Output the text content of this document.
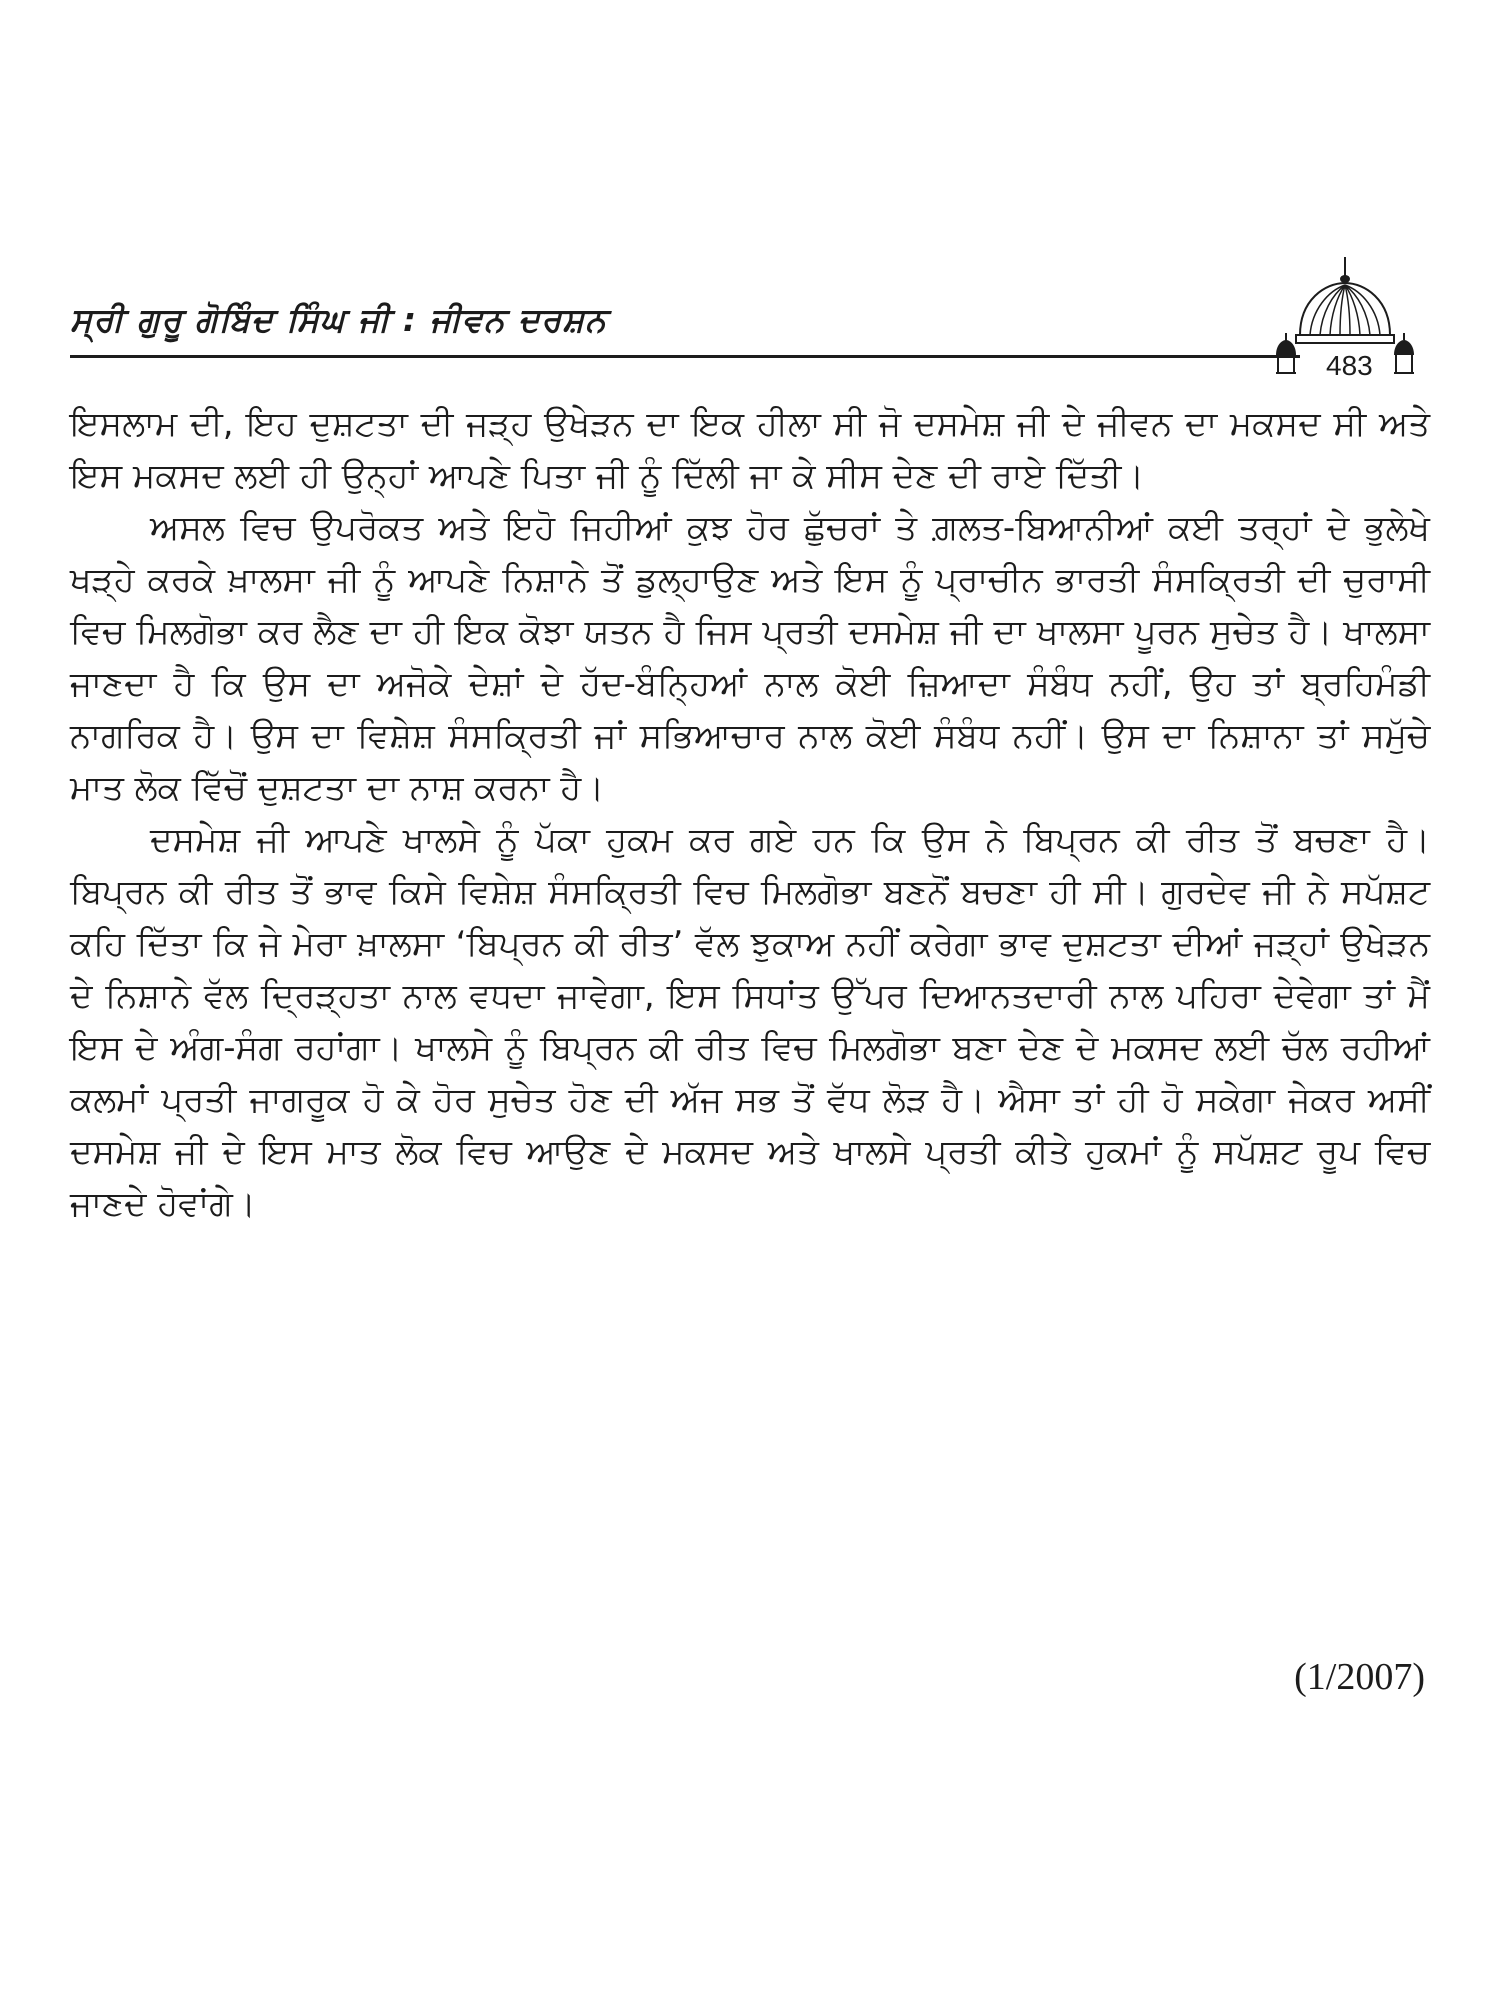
ਸ੍ਰੀ ਗੁਰੂ ਗੋਬਿੰਦ ਸਿੰਘ ਜੀ : ਜੀਵਨ ਦਰਸ਼ਨ
483

ਇਸਲਾਮ ਦੀ, ਇਹ ਦੁਸ਼ਟਤਾ ਦੀ ਜੜ੍ਹ ਉਖੇੜਨ ਦਾ ਇਕ ਹੀਲਾ ਸੀ ਜੋ ਦਸਮੇਸ਼ ਜੀ ਦੇ ਜੀਵਨ ਦਾ ਮਕਸਦ ਸੀ ਅਤੇ ਇਸ ਮਕਸਦ ਲਈ ਹੀ ਉਨ੍ਹਾਂ ਆਪਣੇ ਪਿਤਾ ਜੀ ਨੂੰ ਦਿੱਲੀ ਜਾ ਕੇ ਸੀਸ ਦੇਣ ਦੀ ਰਾਏ ਦਿੱਤੀ।

ਅਸਲ ਵਿਚ ਉਪਰੋਕਤ ਅਤੇ ਇਹੋ ਜਿਹੀਆਂ ਕੁਝ ਹੋਰ ਛੁੱਚਰਾਂ ਤੇ ਗ਼ਲਤ-ਬਿਆਨੀਆਂ ਕਈ ਤਰ੍ਹਾਂ ਦੇ ਭੁਲੇਖੇ ਖੜ੍ਹੇ ਕਰਕੇ ਖ਼ਾਲਸਾ ਜੀ ਨੂੰ ਆਪਣੇ ਨਿਸ਼ਾਨੇ ਤੋਂ ਡੁਲ੍ਹਾਉਣ ਅਤੇ ਇਸ ਨੂੰ ਪ੍ਰਾਚੀਨ ਭਾਰਤੀ ਸੰਸਕ੍ਰਿਤੀ ਦੀ ਚੁਰਾਸੀ ਵਿਚ ਮਿਲਗੋਭਾ ਕਰ ਲੈਣ ਦਾ ਹੀ ਇਕ ਕੋਝਾ ਯਤਨ ਹੈ ਜਿਸ ਪ੍ਰਤੀ ਦਸਮੇਸ਼ ਜੀ ਦਾ ਖਾਲਸਾ ਪੂਰਨ ਸੁਚੇਤ ਹੈ। ਖਾਲਸਾ ਜਾਣਦਾ ਹੈ ਕਿ ਉਸ ਦਾ ਅਜੋਕੇ ਦੇਸ਼ਾਂ ਦੇ ਹੱਦ-ਬੰਨ੍ਹਿਆਂ ਨਾਲ ਕੋਈ ਜ਼ਿਆਦਾ ਸੰਬੰਧ ਨਹੀਂ, ਉਹ ਤਾਂ ਬ੍ਰਹਿਮੰਡੀ ਨਾਗਰਿਕ ਹੈ। ਉਸ ਦਾ ਵਿਸ਼ੇਸ਼ ਸੰਸਕ੍ਰਿਤੀ ਜਾਂ ਸਭਿਆਚਾਰ ਨਾਲ ਕੋਈ ਸੰਬੰਧ ਨਹੀਂ। ਉਸ ਦਾ ਨਿਸ਼ਾਨਾ ਤਾਂ ਸਮੁੱਚੇ ਮਾਤ ਲੋਕ ਵਿੱਚੋਂ ਦੁਸ਼ਟਤਾ ਦਾ ਨਾਸ਼ ਕਰਨਾ ਹੈ।

ਦਸਮੇਸ਼ ਜੀ ਆਪਣੇ ਖਾਲਸੇ ਨੂੰ ਪੱਕਾ ਹੁਕਮ ਕਰ ਗਏ ਹਨ ਕਿ ਉਸ ਨੇ ਬਿਪ੍ਰਨ ਕੀ ਰੀਤ ਤੋਂ ਬਚਣਾ ਹੈ। ਬਿਪ੍ਰਨ ਕੀ ਰੀਤ ਤੋਂ ਭਾਵ ਕਿਸੇ ਵਿਸ਼ੇਸ਼ ਸੰਸਕ੍ਰਿਤੀ ਵਿਚ ਮਿਲਗੋਭਾ ਬਣਨੋਂ ਬਚਣਾ ਹੀ ਸੀ। ਗੁਰਦੇਵ ਜੀ ਨੇ ਸਪੱਸ਼ਟ ਕਹਿ ਦਿੱਤਾ ਕਿ ਜੇ ਮੇਰਾ ਖ਼ਾਲਸਾ ‘ਬਿਪ੍ਰਨ ਕੀ ਰੀਤ’ ਵੱਲ ਝੁਕਾਅ ਨਹੀਂ ਕਰੇਗਾ ਭਾਵ ਦੁਸ਼ਟਤਾ ਦੀਆਂ ਜੜ੍ਹਾਂ ਉਖੇੜਨ ਦੇ ਨਿਸ਼ਾਨੇ ਵੱਲ ਦ੍ਰਿੜ੍ਹਤਾ ਨਾਲ ਵਧਦਾ ਜਾਵੇਗਾ, ਇਸ ਸਿਧਾਂਤ ਉੱਪਰ ਦਿਆਨਤਦਾਰੀ ਨਾਲ ਪਹਿਰਾ ਦੇਵੇਗਾ ਤਾਂ ਮੈਂ ਇਸ ਦੇ ਅੰਗ-ਸੰਗ ਰਹਾਂਗਾ। ਖਾਲਸੇ ਨੂੰ ਬਿਪ੍ਰਨ ਕੀ ਰੀਤ ਵਿਚ ਮਿਲਗੋਭਾ ਬਣਾ ਦੇਣ ਦੇ ਮਕਸਦ ਲਈ ਚੱਲ ਰਹੀਆਂ ਕਲਮਾਂ ਪ੍ਰਤੀ ਜਾਗਰੂਕ ਹੋ ਕੇ ਹੋਰ ਸੁਚੇਤ ਹੋਣ ਦੀ ਅੱਜ ਸਭ ਤੋਂ ਵੱਧ ਲੋੜ ਹੈ। ਐਸਾ ਤਾਂ ਹੀ ਹੋ ਸਕੇਗਾ ਜੇਕਰ ਅਸੀਂ ਦਸਮੇਸ਼ ਜੀ ਦੇ ਇਸ ਮਾਤ ਲੋਕ ਵਿਚ ਆਉਣ ਦੇ ਮਕਸਦ ਅਤੇ ਖਾਲਸੇ ਪ੍ਰਤੀ ਕੀਤੇ ਹੁਕਮਾਂ ਨੂੰ ਸਪੱਸ਼ਟ ਰੂਪ ਵਿਚ ਜਾਣਦੇ ਹੋਵਾਂਗੇ।

(1/2007)
